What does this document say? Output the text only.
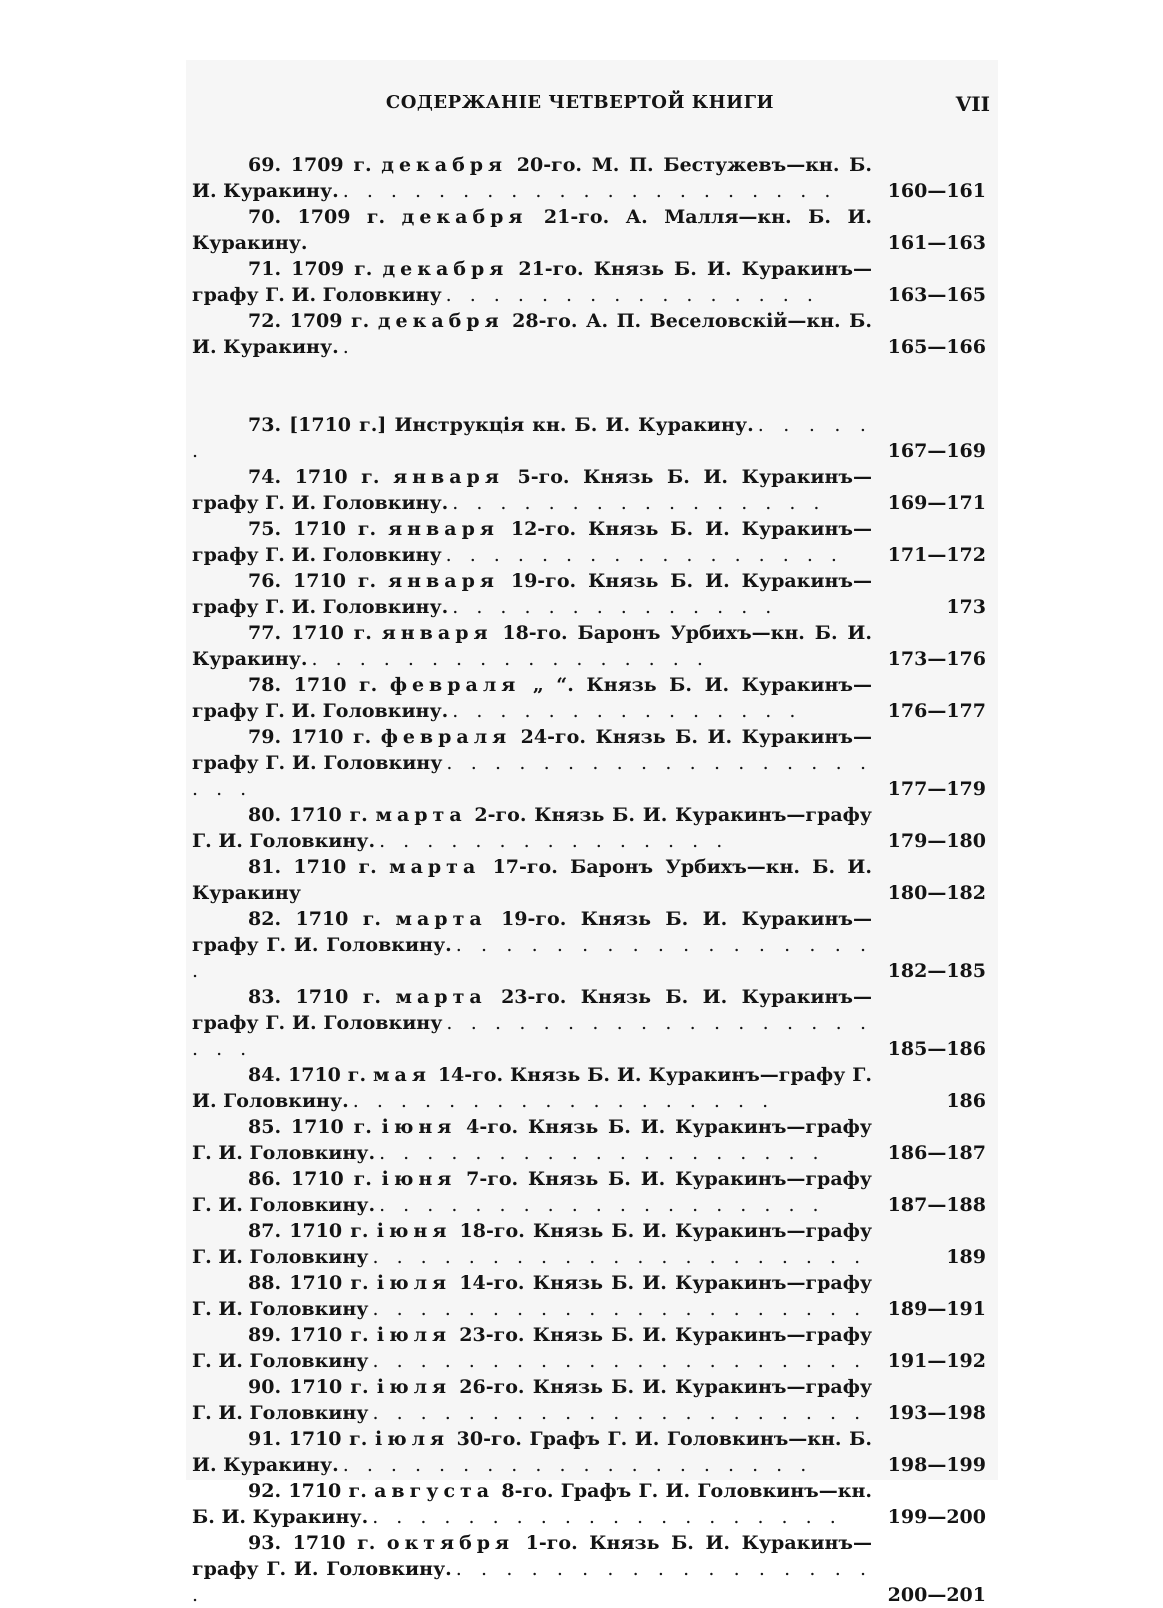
СОДЕРЖАНІЕ ЧЕТВЕРТОЙ КНИГИ	VII
69. 1709 г. декабря 20-го. М. П. Бестужевъ—кн. Б. И. Куракину. . . . . . . . . . . . . . . . . . . . . .	160—161
70. 1709 г. декабря 21-го. А. Малля—кн. Б. И. Куракину.	161—163
71. 1709 г. декабря 21-го. Князь Б. И. Куракинъ—графу Г. И. Головкину . . . . . . . . . . . . . . . .	163—165
72. 1709 г. декабря 28-го. А. П. Веселовскій—кн. Б. И. Куракину. .	165—166
73. [1710 г.] Инструкція кн. Б. И. Куракину. . . . . . .	167—169
74. 1710 г. января 5-го. Князь Б. И. Куракинъ—графу Г. И. Головкину. . . . . . . . . . . . . . . . .	169—171
75. 1710 г. января 12-го. Князь Б. И. Куракинъ—графу Г. И. Головкину . . . . . . . . . . . . . . . . .	171—172
76. 1710 г. января 19-го. Князь Б. И. Куракинъ—графу Г. И. Головкину. . . . . . . . . . . . . . .	173
77. 1710 г. января 18-го. Баронъ Урбихъ—кн. Б. И. Куракину. . . . . . . . . . . . . . . . . .	173—176
78. 1710 г. февраля „ “. Князь Б. И. Куракинъ—графу Г. И. Головкину. . . . . . . . . . . . . . . .	176—177
79. 1710 г. февраля 24-го. Князь Б. И. Куракинъ—графу Г. И. Головкину . . . . . . . . . . . . . . . . . . . . .	177—179
80. 1710 г. марта 2-го. Князь Б. И. Куракинъ—графу Г. И. Головкину. . . . . . . . . . . . . . . .	179—180
81. 1710 г. марта 17-го. Баронъ Урбихъ—кн. Б. И. Куракину	180—182
82. 1710 г. марта 19-го. Князь Б. И. Куракинъ—графу Г. И. Головкину. . . . . . . . . . . . . . . . . . .	182—185
83. 1710 г. марта 23-го. Князь Б. И. Куракинъ—графу Г. И. Головкину . . . . . . . . . . . . . . . . . . . . .	185—186
84. 1710 г. мая 14-го. Князь Б. И. Куракинъ—графу Г. И. Головкину. . . . . . . . . . . . . . . . . . .	186
85. 1710 г. іюня 4-го. Князь Б. И. Куракинъ—графу Г. И. Головкину. . . . . . . . . . . . . . . . . . . .	186—187
86. 1710 г. іюня 7-го. Князь Б. И. Куракинъ—графу Г. И. Головкину. . . . . . . . . . . . . . . . . . . .	187—188
87. 1710 г. іюня 18-го. Князь Б. И. Куракинъ—графу Г. И. Головкину . . . . . . . . . . . . . . . . . . . . .	189
88. 1710 г. іюля 14-го. Князь Б. И. Куракинъ—графу Г. И. Головкину . . . . . . . . . . . . . . . . . . . . .	189—191
89. 1710 г. іюля 23-го. Князь Б. И. Куракинъ—графу Г. И. Головкину . . . . . . . . . . . . . . . . . . . . .	191—192
90. 1710 г. іюля 26-го. Князь Б. И. Куракинъ—графу Г. И. Головкину . . . . . . . . . . . . . . . . . . . . .	193—198
91. 1710 г. іюля 30-го. Графъ Г. И. Головкинъ—кн. Б. И. Куракину. . . . . . . . . . . . . . . . . . . . .	198—199
92. 1710 г. августа 8-го. Графъ Г. И. Головкинъ—кн. Б. И. Куракину. . . . . . . . . . . . . . . . . . . . .	199—200
93. 1710 г. октября 1-го. Князь Б. И. Куракинъ—графу Г. И. Головкину. . . . . . . . . . . . . . . . . . .	200—201
